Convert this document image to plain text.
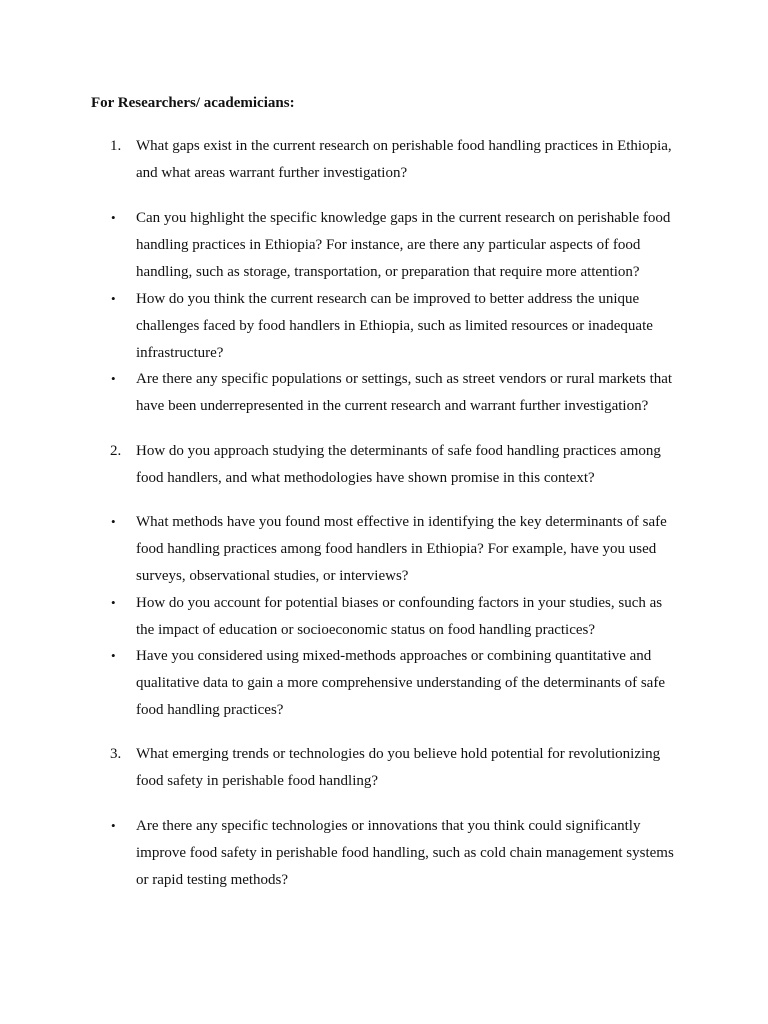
For Researchers/ academicians:
1. What gaps exist in the current research on perishable food handling practices in Ethiopia, and what areas warrant further investigation?
• Can you highlight the specific knowledge gaps in the current research on perishable food handling practices in Ethiopia? For instance, are there any particular aspects of food handling, such as storage, transportation, or preparation that require more attention?
• How do you think the current research can be improved to better address the unique challenges faced by food handlers in Ethiopia, such as limited resources or inadequate infrastructure?
• Are there any specific populations or settings, such as street vendors or rural markets that have been underrepresented in the current research and warrant further investigation?
2. How do you approach studying the determinants of safe food handling practices among food handlers, and what methodologies have shown promise in this context?
• What methods have you found most effective in identifying the key determinants of safe food handling practices among food handlers in Ethiopia? For example, have you used surveys, observational studies, or interviews?
• How do you account for potential biases or confounding factors in your studies, such as the impact of education or socioeconomic status on food handling practices?
• Have you considered using mixed-methods approaches or combining quantitative and qualitative data to gain a more comprehensive understanding of the determinants of safe food handling practices?
3. What emerging trends or technologies do you believe hold potential for revolutionizing food safety in perishable food handling?
• Are there any specific technologies or innovations that you think could significantly improve food safety in perishable food handling, such as cold chain management systems or rapid testing methods?
